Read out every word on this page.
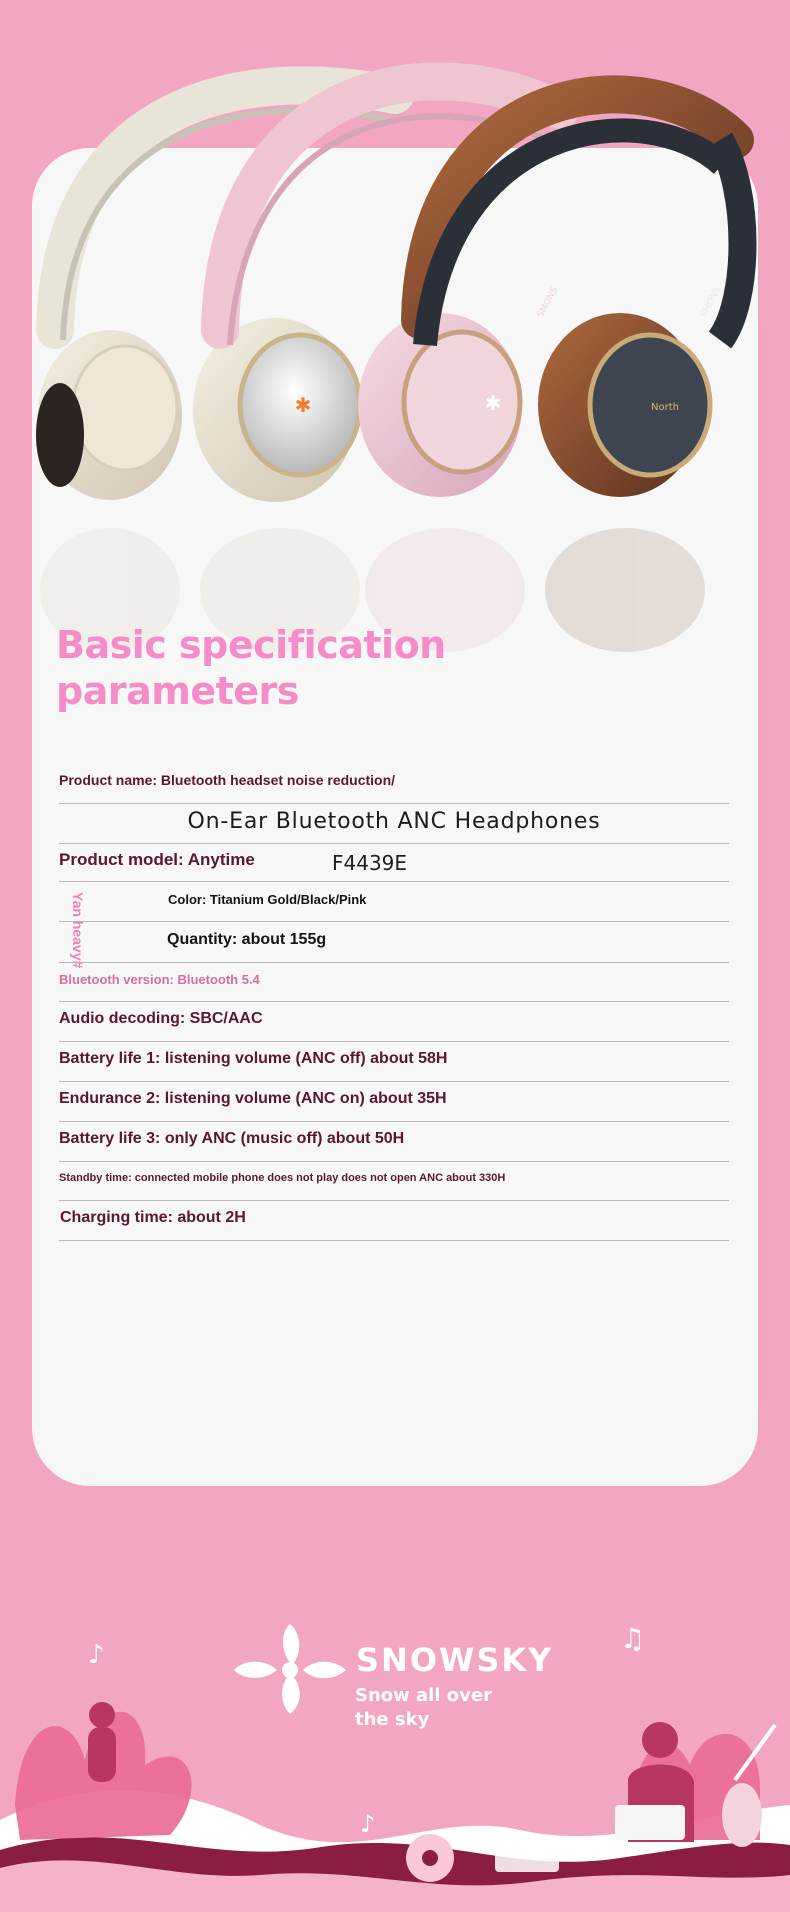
✱	✱	North
SMONS
SMONS
Basic specification parameters
Product name: Bluetooth headset noise reduction/
On-Ear Bluetooth ANC Headphones
Product model: Anytime	F4439E
Color: Titanium Gold/Black/Pink
Yan heavy#	Quantity: about 155g
Bluetooth version: Bluetooth 5.4
Audio decoding: SBC/AAC
Battery life 1: listening volume (ANC off) about 58H
Endurance 2: listening volume (ANC on) about 35H
Battery life 3: only ANC (music off) about 50H
Standby time: connected mobile phone does not play does not open ANC about 330H
Charging time: about 2H
♪	♫
♪
SNOWSKY
Snow all over the sky
